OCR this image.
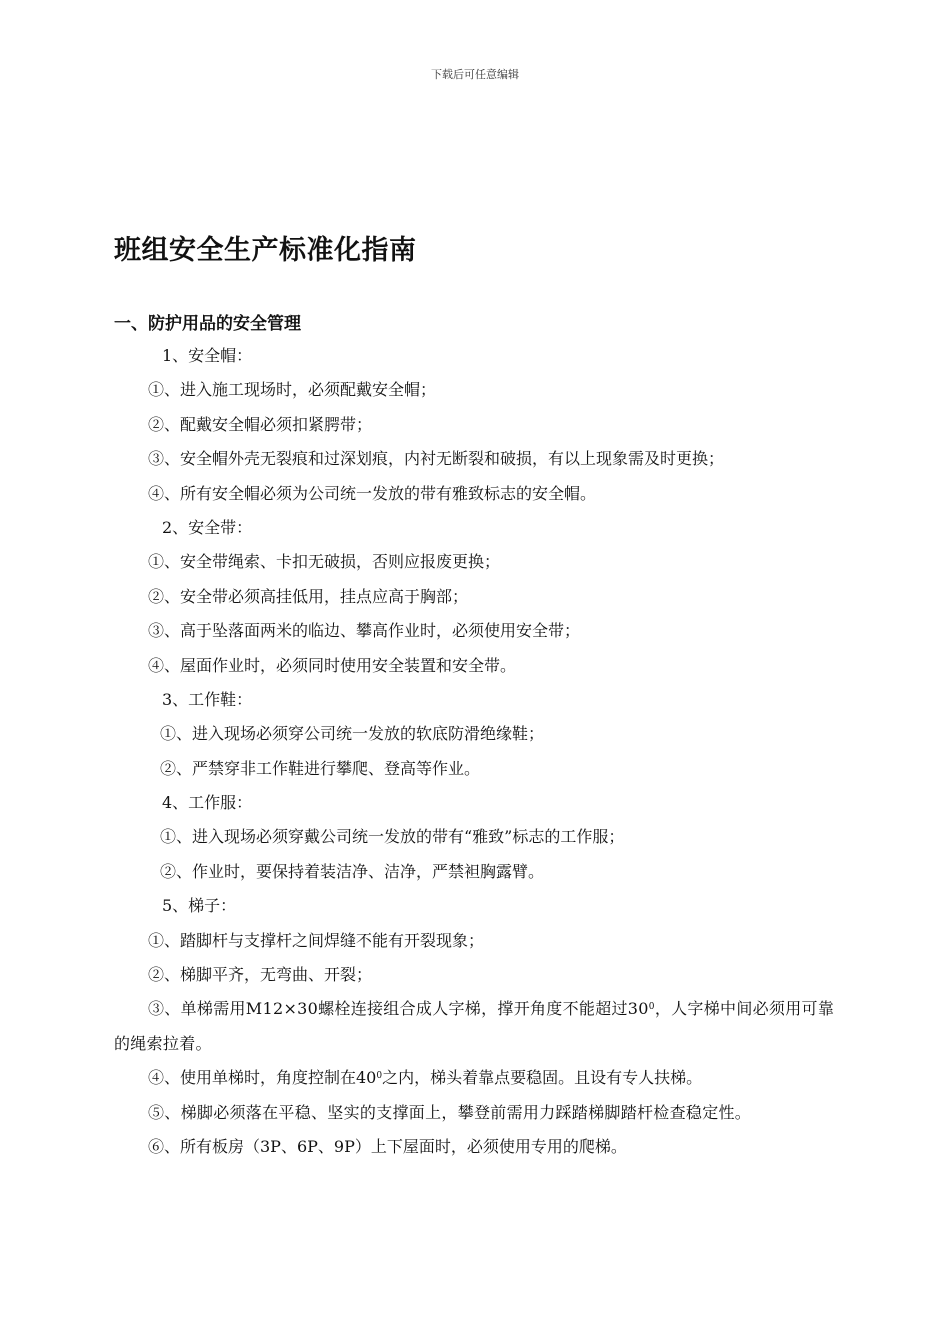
下载后可任意编辑
班组安全生产标准化指南
一、防护用品的安全管理
1、安全帽：
①、进入施工现场时，必须配戴安全帽；
②、配戴安全帽必须扣紧腭带；
③、安全帽外壳无裂痕和过深划痕，内衬无断裂和破损，有以上现象需及时更换；
④、所有安全帽必须为公司统一发放的带有雅致标志的安全帽。
2、安全带：
①、安全带绳索、卡扣无破损，否则应报废更换；
②、安全带必须高挂低用，挂点应高于胸部；
③、高于坠落面两米的临边、攀高作业时，必须使用安全带；
④、屋面作业时，必须同时使用安全装置和安全带。
3、工作鞋：
①、进入现场必须穿公司统一发放的软底防滑绝缘鞋；
②、严禁穿非工作鞋进行攀爬、登高等作业。
4、工作服：
①、进入现场必须穿戴公司统一发放的带有“雅致”标志的工作服；
②、作业时，要保持着装洁净、洁净，严禁袒胸露臂。
5、梯子：
①、踏脚杆与支撑杆之间焊缝不能有开裂现象；
②、梯脚平齐，无弯曲、开裂；

③、单梯需用M12×30螺栓连接组合成人字梯，撑开角度不能超过$30^0$，人字梯中间必须用可靠的绳索拉着。

④、使用单梯时，角度控制在$40^0$之内，梯头着靠点要稳固。且设有专人扶梯。

⑤、梯脚必须落在平稳、坚实的支撑面上，攀登前需用力踩踏梯脚踏杆检查稳定性。

⑥、所有板房（3P、6P、9P）上下屋面时，必须使用专用的爬梯。
